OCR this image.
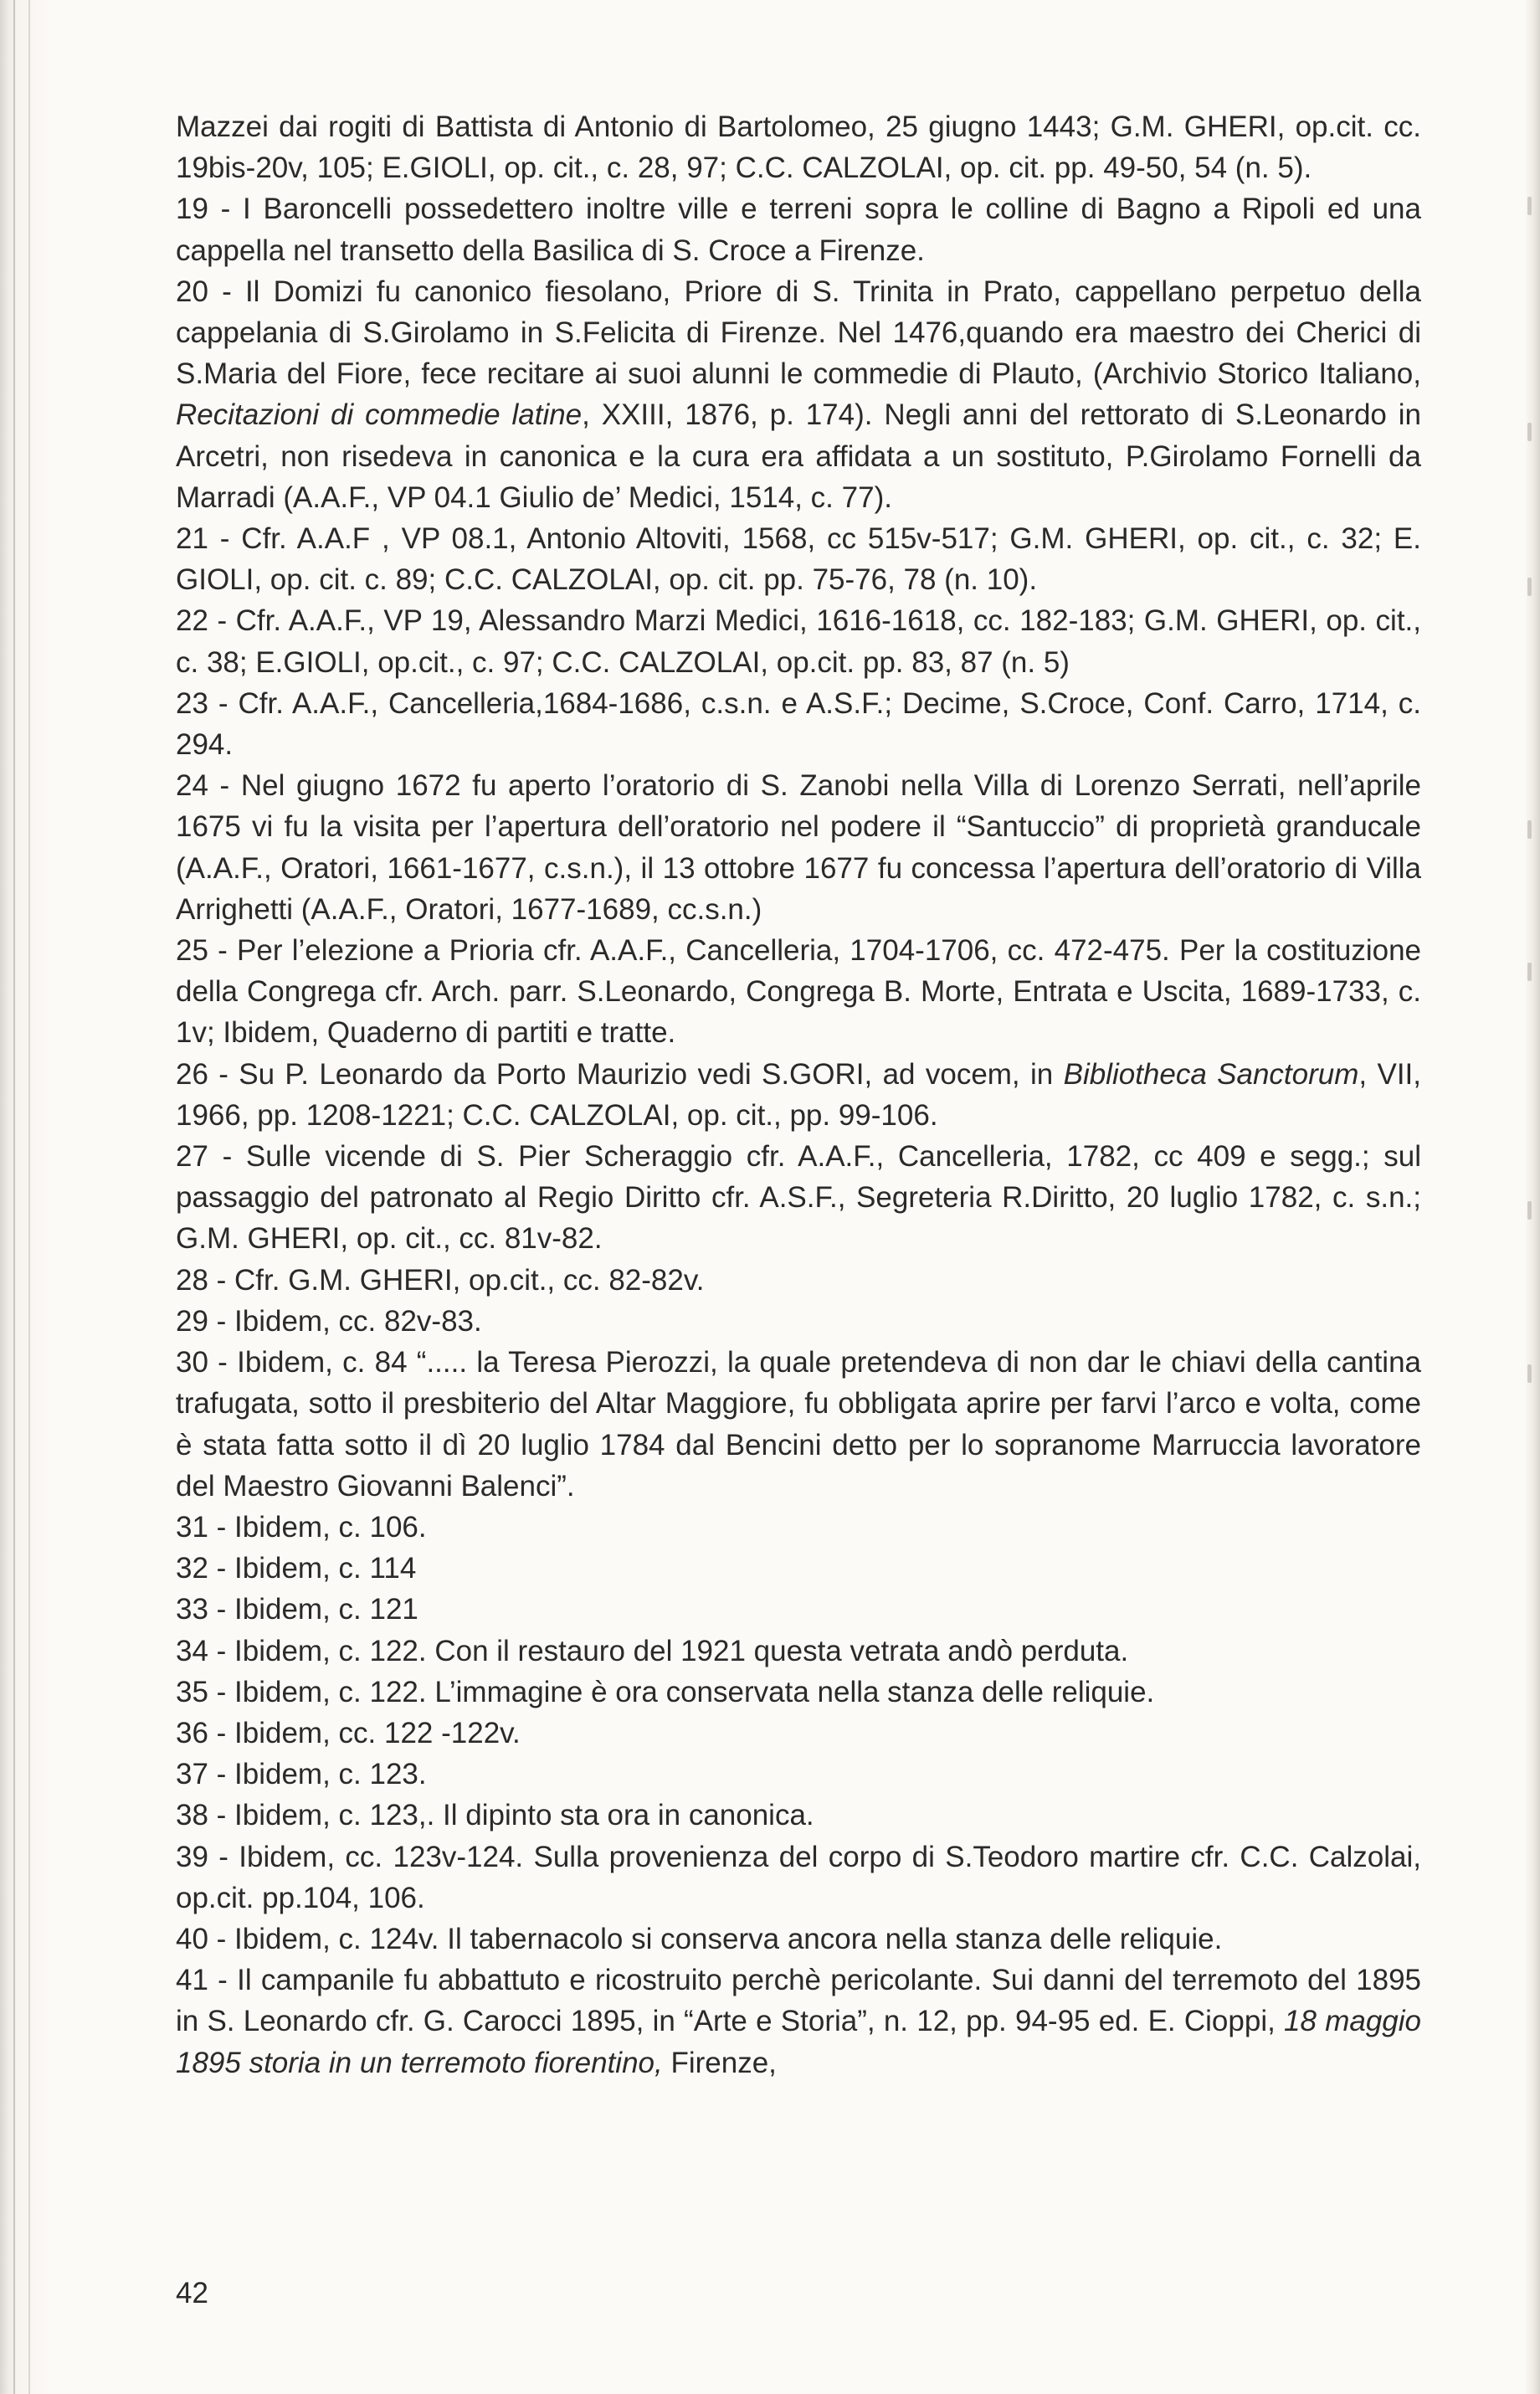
Mazzei dai rogiti di Battista di Antonio di Bartolomeo, 25 giugno 1443; G.M. GHERI, op.cit. cc. 19bis-20v, 105; E.GIOLI, op. cit., c. 28, 97; C.C. CALZOLAI, op. cit. pp. 49-50, 54 (n. 5).

19 - I Baroncelli possedettero inoltre ville e terreni sopra le colline di Bagno a Ripoli ed una cappella nel transetto della Basilica di S. Croce a Firenze.

20 - Il Domizi fu canonico fiesolano, Priore di S. Trinita in Prato, cappellano perpetuo della cappelania di S.Girolamo in S.Felicita di Firenze. Nel 1476,quando era maestro dei Cherici di S.Maria del Fiore, fece recitare ai suoi alunni le commedie di Plauto, (Archivio Storico Italiano, Recitazioni di commedie latine, XXIII, 1876, p. 174). Negli anni del rettorato di S.Leonardo in Arcetri, non risedeva in canonica e la cura era affidata a un sostituto, P.Girolamo Fornelli da Marradi (A.A.F., VP 04.1 Giulio de’ Medici, 1514, c. 77).

21 - Cfr. A.A.F , VP 08.1, Antonio Altoviti, 1568, cc 515v-517; G.M. GHERI, op. cit., c. 32; E. GIOLI, op. cit. c. 89; C.C. CALZOLAI, op. cit. pp. 75-76, 78 (n. 10).

22 - Cfr. A.A.F., VP 19, Alessandro Marzi Medici, 1616-1618, cc. 182-183; G.M. GHERI, op. cit., c. 38; E.GIOLI, op.cit., c. 97; C.C. CALZOLAI, op.cit. pp. 83, 87 (n. 5)

23 - Cfr. A.A.F., Cancelleria,1684-1686, c.s.n. e A.S.F.; Decime, S.Croce, Conf. Carro, 1714, c. 294.

24 - Nel giugno 1672 fu aperto l’oratorio di S. Zanobi nella Villa di Lorenzo Serrati, nell’aprile 1675 vi fu la visita per l’apertura dell’oratorio nel podere il “Santuccio” di proprietà granducale (A.A.F., Oratori, 1661-1677, c.s.n.), il 13 ottobre 1677 fu concessa l’apertura dell’oratorio di Villa Arrighetti (A.A.F., Oratori, 1677-1689, cc.s.n.)

25 - Per l’elezione a Prioria cfr. A.A.F., Cancelleria, 1704-1706, cc. 472-475. Per la costituzione della Congrega cfr. Arch. parr. S.Leonardo, Congrega B. Morte, Entrata e Uscita, 1689-1733, c. 1v; Ibidem, Quaderno di partiti e tratte.

26 - Su P. Leonardo da Porto Maurizio vedi S.GORI, ad vocem, in Bibliotheca Sanctorum, VII, 1966, pp. 1208-1221; C.C. CALZOLAI, op. cit., pp. 99-106.

27 - Sulle vicende di S. Pier Scheraggio cfr. A.A.F., Cancelleria, 1782, cc 409 e segg.; sul passaggio del patronato al Regio Diritto cfr. A.S.F., Segreteria R.Diritto, 20 luglio 1782, c. s.n.; G.M. GHERI, op. cit., cc. 81v-82.

28 - Cfr. G.M. GHERI, op.cit., cc. 82-82v.

29 - Ibidem, cc. 82v-83.

30 - Ibidem, c. 84 “..... la Teresa Pierozzi, la quale pretendeva di non dar le chiavi della cantina trafugata, sotto il presbiterio del Altar Maggiore, fu obbligata aprire per farvi l’arco e volta, come è stata fatta sotto il dì 20 luglio 1784 dal Bencini detto per lo sopranome Marruccia lavoratore del Maestro Giovanni Balenci”.

31 - Ibidem, c. 106.

32 - Ibidem, c. 114

33 - Ibidem, c. 121

34 - Ibidem, c. 122. Con il restauro del 1921 questa vetrata andò perduta.

35 - Ibidem, c. 122. L’immagine è ora conservata nella stanza delle reliquie.

36 - Ibidem, cc. 122 -122v.

37 - Ibidem, c. 123.

38 - Ibidem, c. 123,. Il dipinto sta ora in canonica.

39 - Ibidem, cc. 123v-124. Sulla provenienza del corpo di S.Teodoro martire cfr. C.C. Calzolai, op.cit. pp.104, 106.

40 - Ibidem, c. 124v. Il tabernacolo si conserva ancora nella stanza delle reliquie.

41 - Il campanile fu abbattuto e ricostruito perchè pericolante. Sui danni del terremoto del 1895 in S. Leonardo cfr. G. Carocci 1895, in “Arte e Storia”, n. 12, pp. 94-95 ed. E. Cioppi, 18 maggio 1895 storia in un terremoto fiorentino, Firenze,

42
